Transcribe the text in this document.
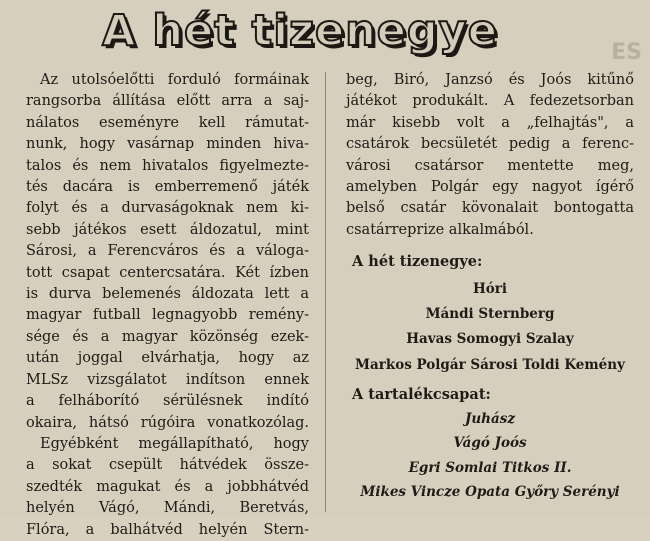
A hét tizenegye	ES
Az utolsóelőtti forduló formáinak
rangsorba állítása előtt arra a saj-
nálatos eseményre kell rámutat-
nunk, hogy vasárnap minden hiva-
talos és nem hivatalos figyelmezte-
tés dacára is emberremenő játék
folyt és a durvaságoknak nem ki-
sebb játékos esett áldozatul, mint
Sárosi, a Ferencváros és a váloga-
tott csapat centercsatára. Két ízben
is durva belemenés áldozata lett a
magyar futball legnagyobb remény-
sége és a magyar közönség ezek-
után joggal elvárhatja, hogy az
MLSz vizsgálatot indítson ennek
a felháborító sérülésnek indító
okaira, hátsó rúgóira vonatkozólag.
Egyébként megállapítható, hogy
a sokat csepült hátvédek össze-
szedték magukat és a jobbhátvéd
helyén Vágó, Mándi, Beretvás,
Flóra, a balhátvéd helyén Stern-
beg, Biró, Janzsó és Joós kitűnő
játékot produkált. A fedezetsorban
már kisebb volt a „felhajtás", a
csatárok becsületét pedig a ferenc-
városi csatársor mentette meg,
amelyben Polgár egy nagyot ígérő
belső csatár kövonalait bontogatta
csatárreprize alkalmából.
A hét tizenegye:
Hóri
Mándi Sternberg
Havas Somogyi Szalay
Markos Polgár Sárosi Toldi Kemény
A tartalékcsapat:
Juhász
Vágó Joós
Egri Somlai Titkos II.
Mikes Vincze Opata Győry Serényi
